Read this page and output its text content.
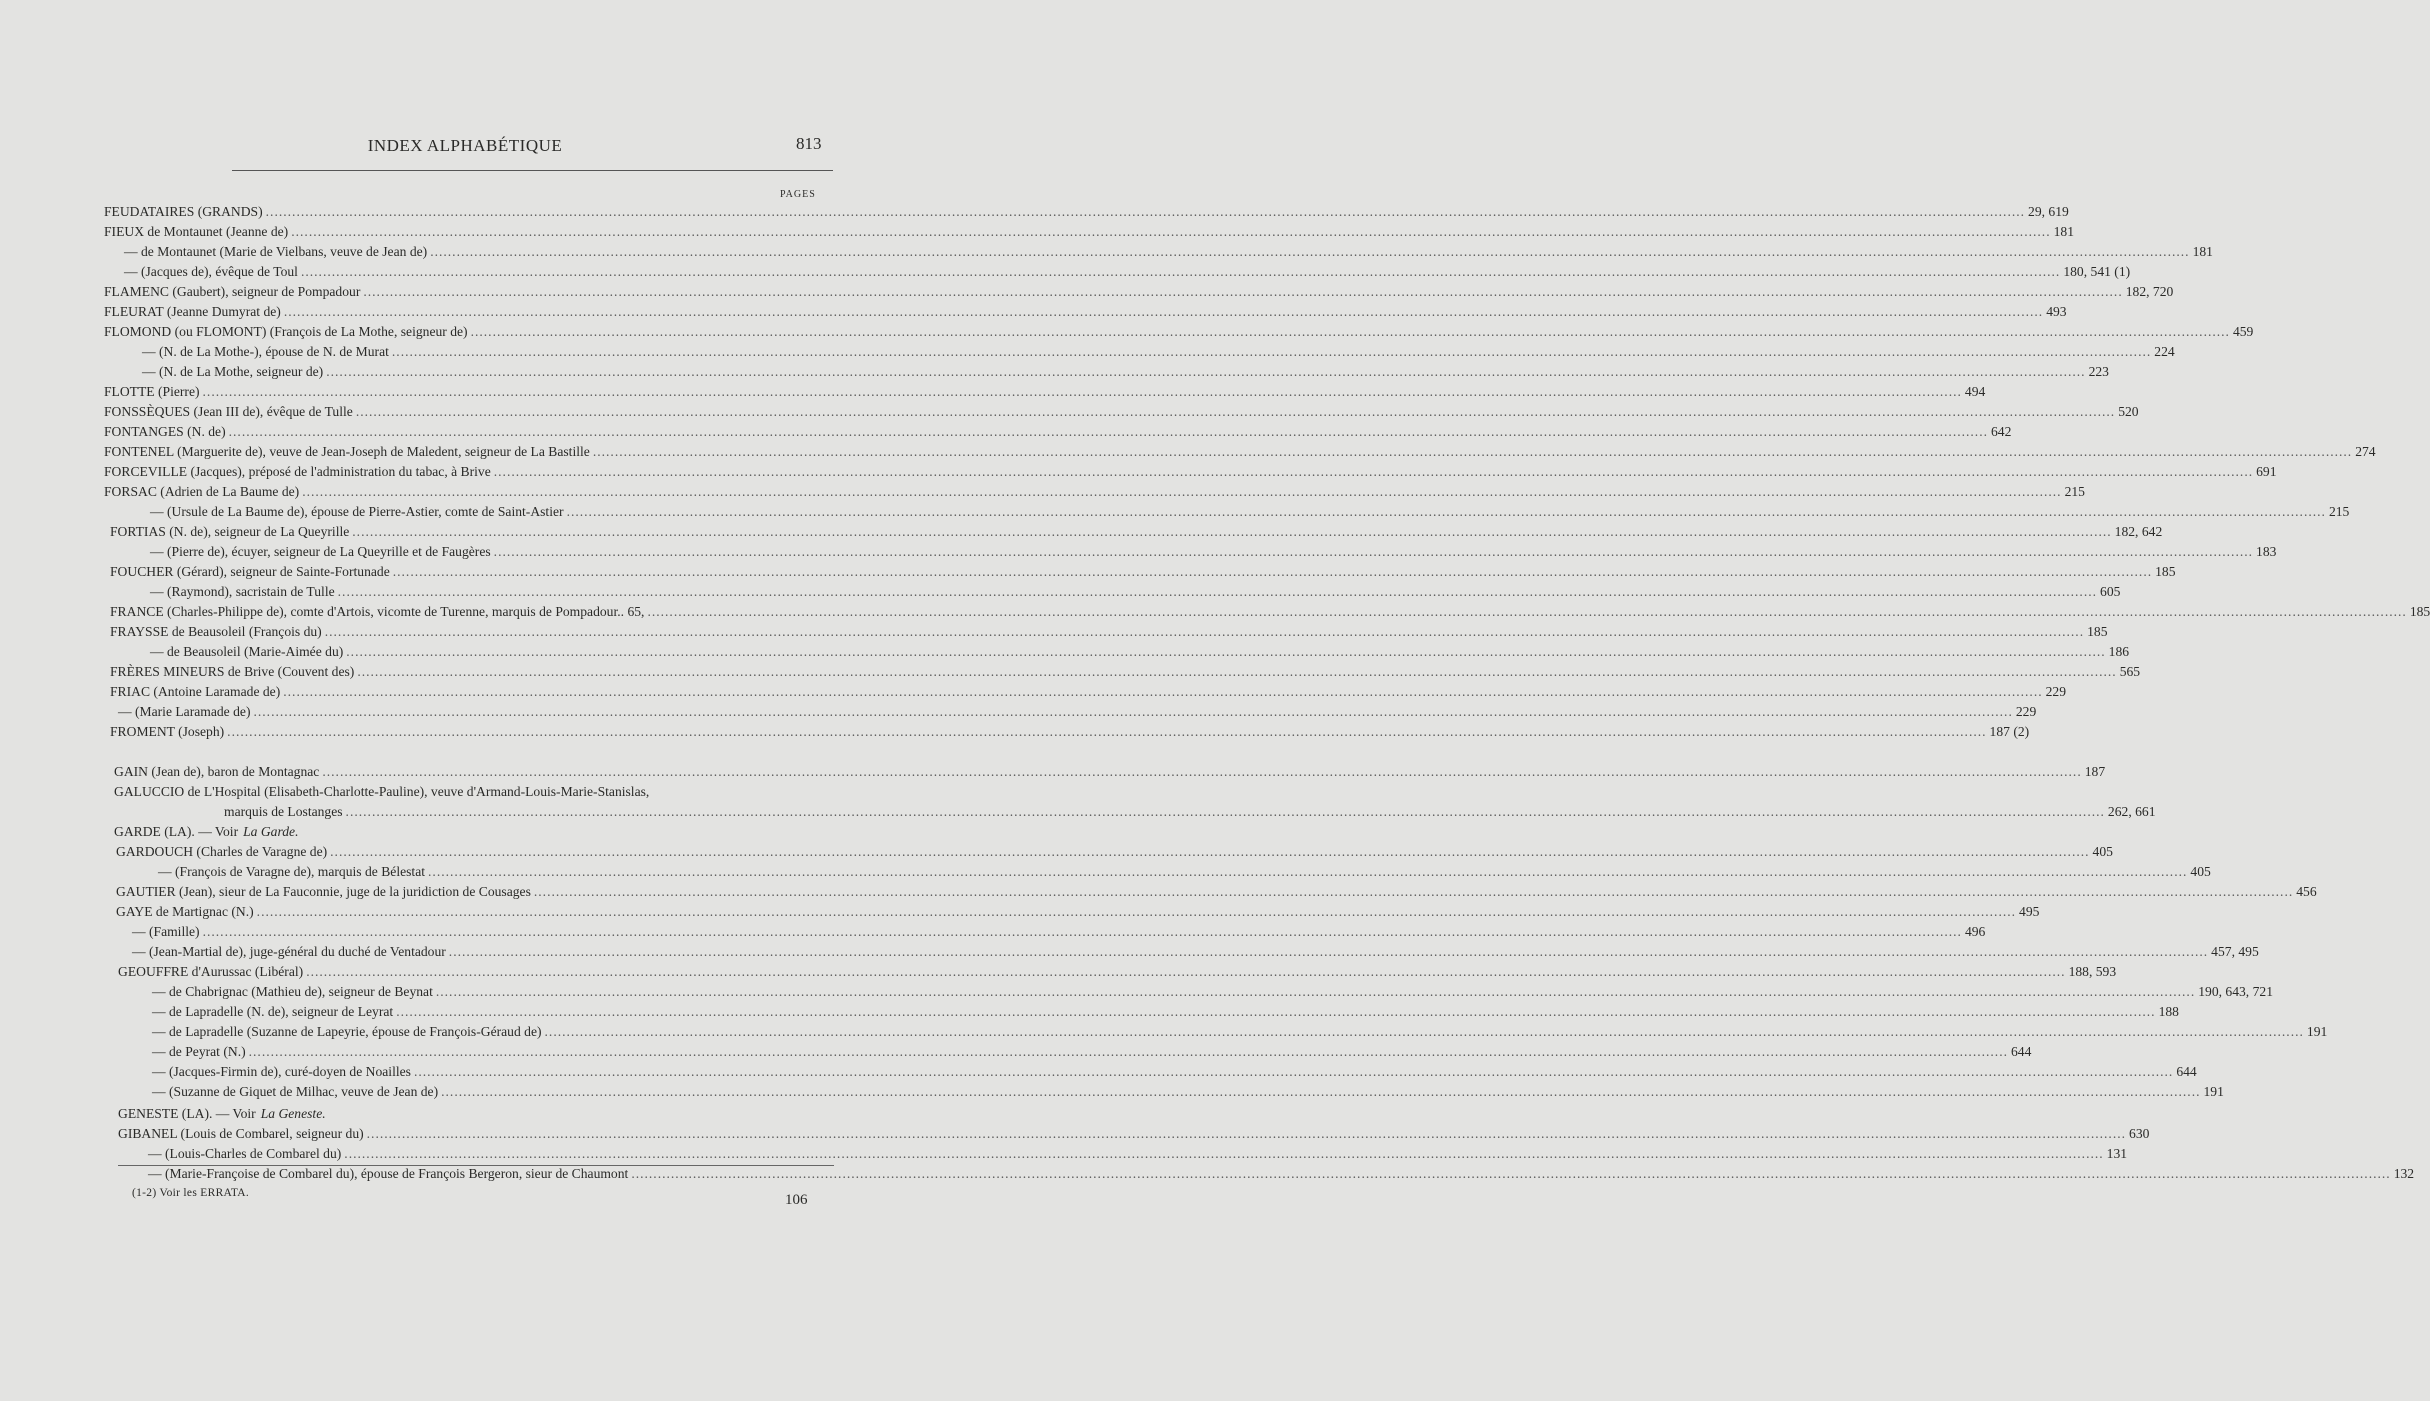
INDEX ALPHABÉTIQUE	813
PAGES
FEUDATAIRES (GRANDS) ................................................................................................................................................................................................................................................................................................................................................................................................................ 29, 619
FIEUX de Montaunet (Jeanne de) ................................................................................................................................................................................................................................................................................................................................................................................................................ 181
— de Montaunet (Marie de Vielbans, veuve de Jean de) ................................................................................................................................................................................................................................................................................................................................................................................................................ 181
— (Jacques de), évêque de Toul ................................................................................................................................................................................................................................................................................................................................................................................................................ 180, 541 (1)
FLAMENC (Gaubert), seigneur de Pompadour ................................................................................................................................................................................................................................................................................................................................................................................................................ 182, 720
FLEURAT (Jeanne Dumyrat de) ................................................................................................................................................................................................................................................................................................................................................................................................................ 493
FLOMOND (ou FLOMONT) (François de La Mothe, seigneur de) ................................................................................................................................................................................................................................................................................................................................................................................................................ 459
— (N. de La Mothe-), épouse de N. de Murat ................................................................................................................................................................................................................................................................................................................................................................................................................ 224
— (N. de La Mothe, seigneur de) ................................................................................................................................................................................................................................................................................................................................................................................................................ 223
FLOTTE (Pierre) ................................................................................................................................................................................................................................................................................................................................................................................................................ 494
FONSSÈQUES (Jean III de), évêque de Tulle ................................................................................................................................................................................................................................................................................................................................................................................................................ 520
FONTANGES (N. de) ................................................................................................................................................................................................................................................................................................................................................................................................................ 642
FONTENEL (Marguerite de), veuve de Jean-Joseph de Maledent, seigneur de La Bastille ................................................................................................................................................................................................................................................................................................................................................................................................................ 274
FORCEVILLE (Jacques), préposé de l'administration du tabac, à Brive ................................................................................................................................................................................................................................................................................................................................................................................................................ 691
FORSAC (Adrien de La Baume de) ................................................................................................................................................................................................................................................................................................................................................................................................................ 215
— (Ursule de La Baume de), épouse de Pierre-Astier, comte de Saint-Astier ................................................................................................................................................................................................................................................................................................................................................................................................................ 215
FORTIAS (N. de), seigneur de La Queyrille ................................................................................................................................................................................................................................................................................................................................................................................................................ 182, 642
— (Pierre de), écuyer, seigneur de La Queyrille et de Faugères ................................................................................................................................................................................................................................................................................................................................................................................................................ 183
FOUCHER (Gérard), seigneur de Sainte-Fortunade ................................................................................................................................................................................................................................................................................................................................................................................................................ 185
— (Raymond), sacristain de Tulle ................................................................................................................................................................................................................................................................................................................................................................................................................ 605
FRANCE (Charles-Philippe de), comte d'Artois, vicomte de Turenne, marquis de Pompadour.. 65, ................................................................................................................................................................................................................................................................................................................................................................................................................ 185
FRAYSSE de Beausoleil (François du) ................................................................................................................................................................................................................................................................................................................................................................................................................ 185
— de Beausoleil (Marie-Aimée du) ................................................................................................................................................................................................................................................................................................................................................................................................................ 186
FRÈRES MINEURS de Brive (Couvent des) ................................................................................................................................................................................................................................................................................................................................................................................................................ 565
FRIAC (Antoine Laramade de) ................................................................................................................................................................................................................................................................................................................................................................................................................ 229
— (Marie Laramade de) ................................................................................................................................................................................................................................................................................................................................................................................................................ 229
FROMENT (Joseph) ................................................................................................................................................................................................................................................................................................................................................................................................................ 187 (2)
GAIN (Jean de), baron de Montagnac ................................................................................................................................................................................................................................................................................................................................................................................................................ 187
GALUCCIO de L'Hospital (Elisabeth-Charlotte-Pauline), veuve d'Armand-Louis-Marie-Stanislas,
marquis de Lostanges ................................................................................................................................................................................................................................................................................................................................................................................................................ 262, 661
GARDE (LA). — Voir La Garde.
GARDOUCH (Charles de Varagne de) ................................................................................................................................................................................................................................................................................................................................................................................................................ 405
— (François de Varagne de), marquis de Bélestat ................................................................................................................................................................................................................................................................................................................................................................................................................ 405
GAUTIER (Jean), sieur de La Fauconnie, juge de la juridiction de Cousages ................................................................................................................................................................................................................................................................................................................................................................................................................ 456
GAYE de Martignac (N.) ................................................................................................................................................................................................................................................................................................................................................................................................................ 495
— (Famille) ................................................................................................................................................................................................................................................................................................................................................................................................................ 496
— (Jean-Martial de), juge-général du duché de Ventadour ................................................................................................................................................................................................................................................................................................................................................................................................................ 457, 495
GEOUFFRE d'Aurussac (Libéral) ................................................................................................................................................................................................................................................................................................................................................................................................................ 188, 593
— de Chabrignac (Mathieu de), seigneur de Beynat ................................................................................................................................................................................................................................................................................................................................................................................................................ 190, 643, 721
— de Lapradelle (N. de), seigneur de Leyrat ................................................................................................................................................................................................................................................................................................................................................................................................................ 188
— de Lapradelle (Suzanne de Lapeyrie, épouse de François-Géraud de) ................................................................................................................................................................................................................................................................................................................................................................................................................ 191
— de Peyrat (N.) ................................................................................................................................................................................................................................................................................................................................................................................................................ 644
— (Jacques-Firmin de), curé-doyen de Noailles ................................................................................................................................................................................................................................................................................................................................................................................................................ 644
— (Suzanne de Giquet de Milhac, veuve de Jean de) ................................................................................................................................................................................................................................................................................................................................................................................................................ 191
GENESTE (LA). — Voir La Geneste.
GIBANEL (Louis de Combarel, seigneur du) ................................................................................................................................................................................................................................................................................................................................................................................................................ 630
— (Louis-Charles de Combarel du) ................................................................................................................................................................................................................................................................................................................................................................................................................ 131
— (Marie-Françoise de Combarel du), épouse de François Bergeron, sieur de Chaumont ................................................................................................................................................................................................................................................................................................................................................................................................................ 132
(1-2) Voir les ERRATA.	106
